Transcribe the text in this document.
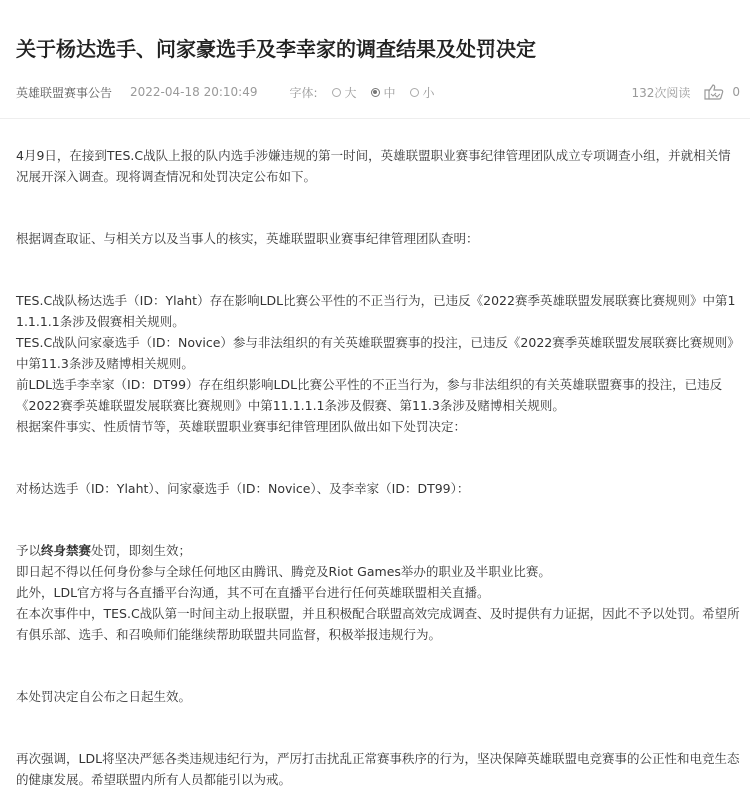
关于杨达选手、问家豪选手及李幸家的调查结果及处罚决定
英雄联盟赛事公告 2022-04-18 20:10:49	字体: 大 中 小	132次阅读	0

4月9日，在接到TES.C战队上报的队内选手涉嫌违规的第一时间，英雄联盟职业赛事纪律管理团队成立专项调查小组，并就相关情况展开深入调查。现将调查情况和处罚决定公布如下。

根据调查取证、与相关方以及当事人的核实，英雄联盟职业赛事纪律管理团队查明：

TES.C战队杨达选手（ID：Ylaht）存在影响LDL比赛公平性的不正当行为，已违反《2022赛季英雄联盟发展联赛比赛规则》中第11.1.1.1条涉及假赛相关规则。

TES.C战队问家豪选手（ID：Novice）参与非法组织的有关英雄联盟赛事的投注，已违反《2022赛季英雄联盟发展联赛比赛规则》中第11.3条涉及赌博相关规则。

前LDL选手李幸家（ID：DT99）存在组织影响LDL比赛公平性的不正当行为，参与非法组织的有关英雄联盟赛事的投注，已违反《2022赛季英雄联盟发展联赛比赛规则》中第11.1.1.1条涉及假赛、第11.3条涉及赌博相关规则。

根据案件事实、性质情节等，英雄联盟职业赛事纪律管理团队做出如下处罚决定：

对杨达选手（ID：Ylaht）、问家豪选手（ID：Novice）、及李幸家（ID：DT99）：

予以终身禁赛处罚，即刻生效；

即日起不得以任何身份参与全球任何地区由腾讯、腾竞及Riot Games举办的职业及半职业比赛。

此外，LDL官方将与各直播平台沟通，其不可在直播平台进行任何英雄联盟相关直播。

在本次事件中，TES.C战队第一时间主动上报联盟，并且积极配合联盟高效完成调查、及时提供有力证据，因此不予以处罚。希望所有俱乐部、选手、和召唤师们能继续帮助联盟共同监督，积极举报违规行为。

本处罚决定自公布之日起生效。

再次强调，LDL将坚决严惩各类违规违纪行为，严厉打击扰乱正常赛事秩序的行为，坚决保障英雄联盟电竞赛事的公正性和电竞生态的健康发展。希望联盟内所有人员都能引以为戒。
